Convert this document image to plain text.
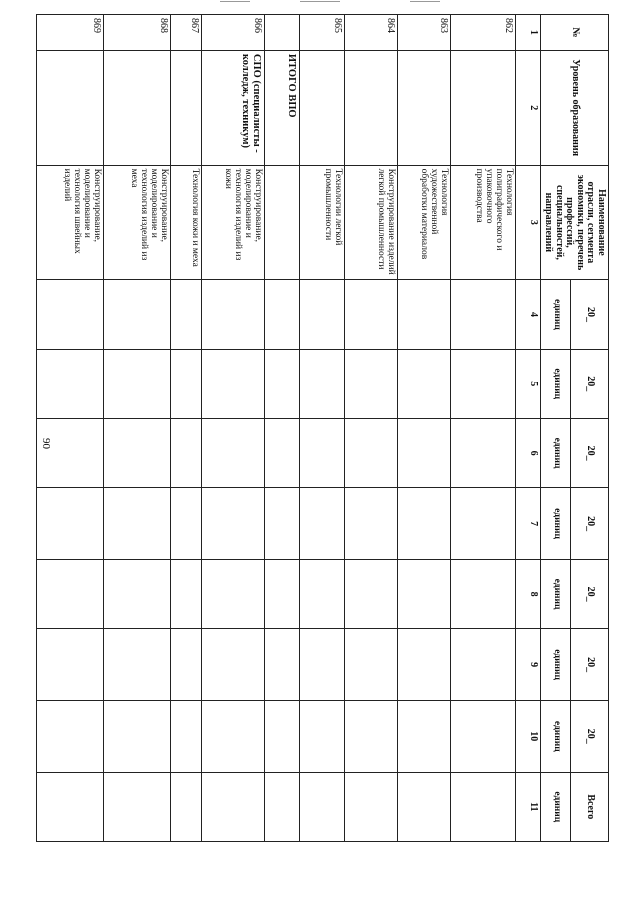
90
№	Уровень образования	Наименование отрасли, сегмента экономики, перечень профессий, специальностей, направлений	20_	20_	20_	20_	20_	20_	20_	Всего
			единиц	единиц	единиц	единиц	единиц	единиц	единиц	единиц
1	2	3	4	5	6	7	8	9	10	11
862		Технология полиграфического и упаковочного производства								
863		Технология художественной обработки материалов								
864		Конструирование изделий легкой промышленности								
865		Технологии легкой промышленности								
	ИТОГО ВПО									
866	СПО (специалисты - колледж, техникум)	Конструирование, моделирование и технология изделий из кожи								
867		Технология кожи и меха								
868		Конструирование, моделирование и технология изделий из меха								
869		Конструирование, моделирование и технология швейных изделий								
